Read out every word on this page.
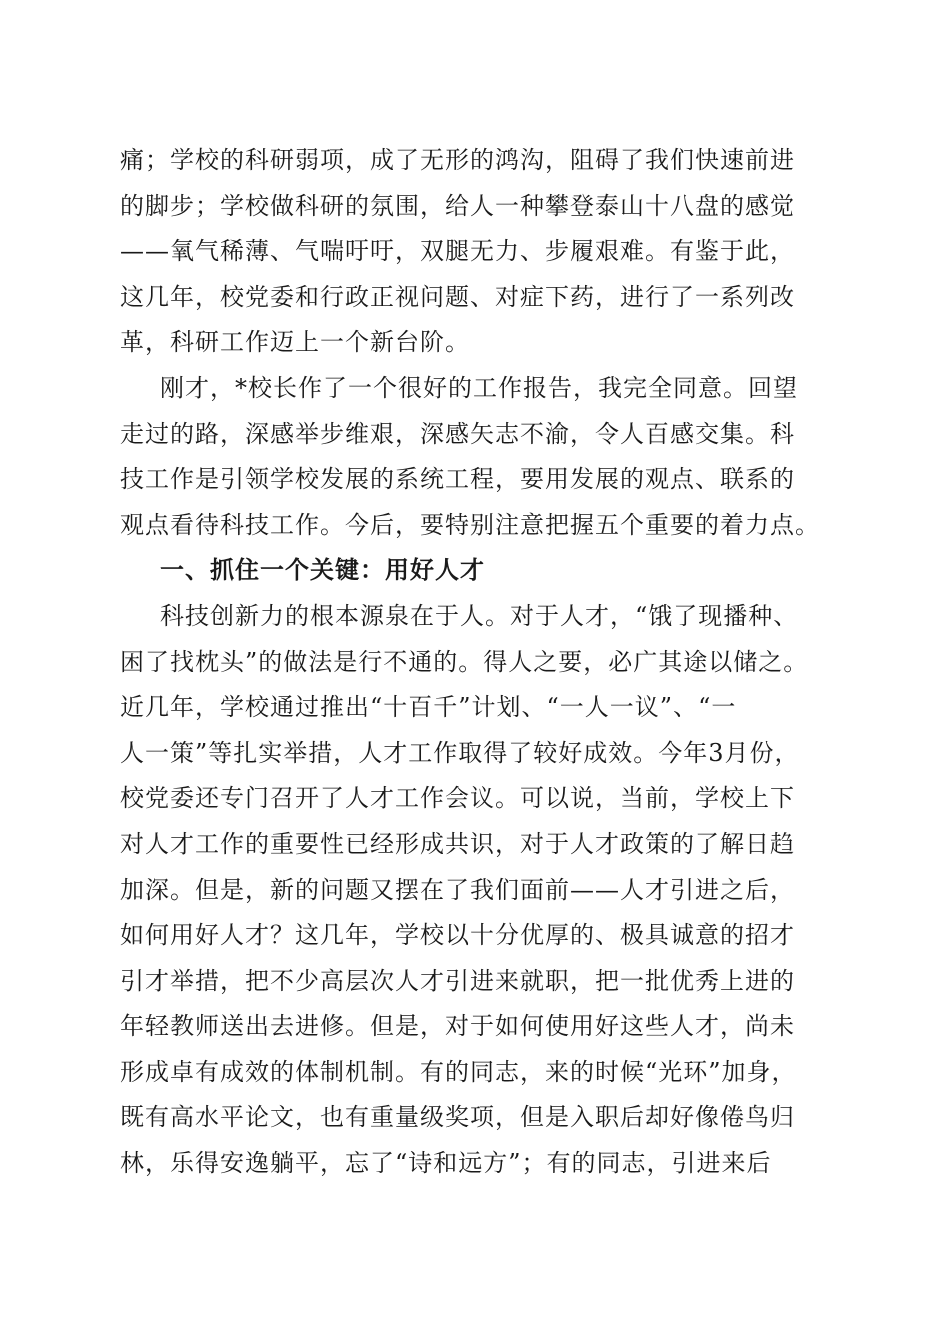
痛；学校的科研弱项，成了无形的鸿沟，阻碍了我们快速前进
的脚步；学校做科研的氛围，给人一种攀登泰山十八盘的感觉
——氧气稀薄、气喘吁吁，双腿无力、步履艰难。有鉴于此，
这几年，校党委和行政正视问题、对症下药，进行了一系列改
革，科研工作迈上一个新台阶。
刚才，*校长作了一个很好的工作报告，我完全同意。回望
走过的路，深感举步维艰，深感矢志不渝，令人百感交集。科
技工作是引领学校发展的系统工程，要用发展的观点、联系的
观点看待科技工作。今后，要特别注意把握五个重要的着力点。
一、抓住一个关键：用好人才
科技创新力的根本源泉在于人。对于人才，“饿了现播种、
困了找枕头”的做法是行不通的。得人之要，必广其途以储之。
近几年，学校通过推出“十百千”计划、“一人一议”、“一
人一策”等扎实举措，人才工作取得了较好成效。今年3月份，
校党委还专门召开了人才工作会议。可以说，当前，学校上下
对人才工作的重要性已经形成共识，对于人才政策的了解日趋
加深。但是，新的问题又摆在了我们面前——人才引进之后，
如何用好人才？这几年，学校以十分优厚的、极具诚意的招才
引才举措，把不少高层次人才引进来就职，把一批优秀上进的
年轻教师送出去进修。但是，对于如何使用好这些人才，尚未
形成卓有成效的体制机制。有的同志，来的时候“光环”加身，
既有高水平论文，也有重量级奖项，但是入职后却好像倦鸟归
林，乐得安逸躺平，忘了“诗和远方”；有的同志，引进来后
